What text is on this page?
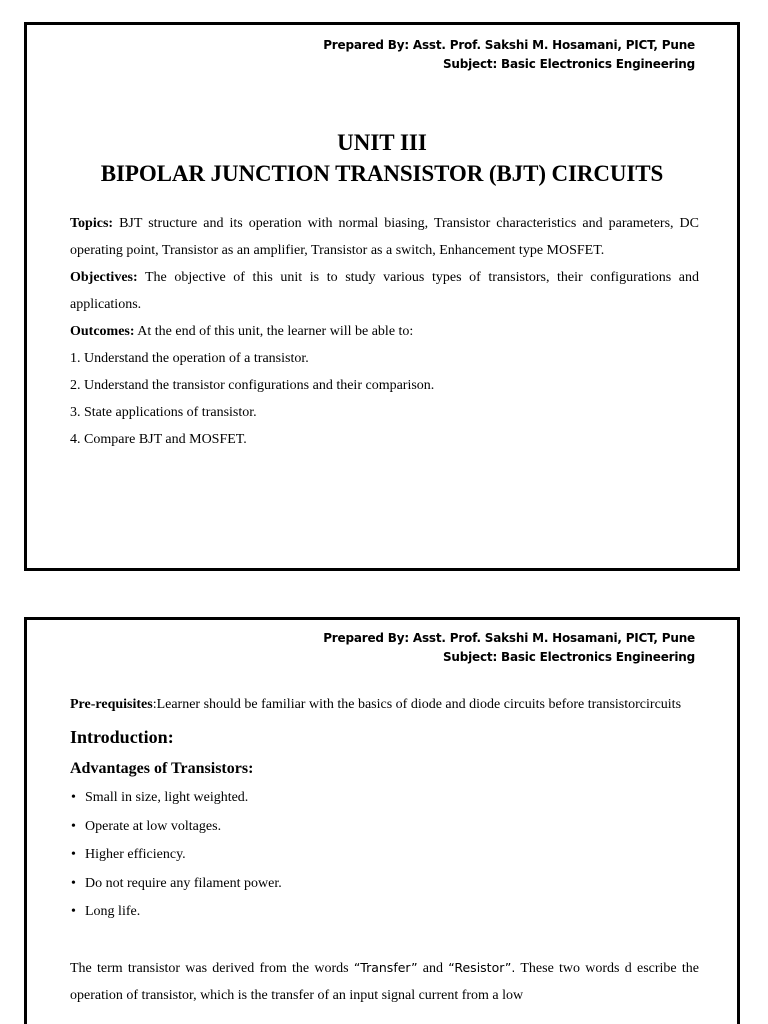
Prepared By: Asst. Prof. Sakshi M. Hosamani, PICT, Pune
Subject: Basic Electronics Engineering
UNIT III
BIPOLAR JUNCTION TRANSISTOR (BJT) CIRCUITS

Topics: BJT structure and its operation with normal biasing, Transistor characteristics and parameters, DC operating point, Transistor as an amplifier, Transistor as a switch, Enhancement type MOSFET.

Objectives: The objective of this unit is to study various types of transistors, their configurations and applications.

Outcomes: At the end of this unit, the learner will be able to:

1. Understand the operation of a transistor.
2. Understand the transistor configurations and their comparison.
3. State applications of transistor.
4. Compare BJT and MOSFET.
Prepared By: Asst. Prof. Sakshi M. Hosamani, PICT, Pune
Subject: Basic Electronics Engineering

Pre-requisites:Learner should be familiar with the basics of diode and diode circuits before transistorcircuits

Introduction:
Advantages of Transistors:
• Small in size, light weighted.
• Operate at low voltages.
• Higher efficiency.
• Do not require any filament power.
• Long life.

The term transistor was derived from the words “Transfer” and “Resistor”. These two words d escribe the operation of transistor, which is the transfer of an input signal current from a low
